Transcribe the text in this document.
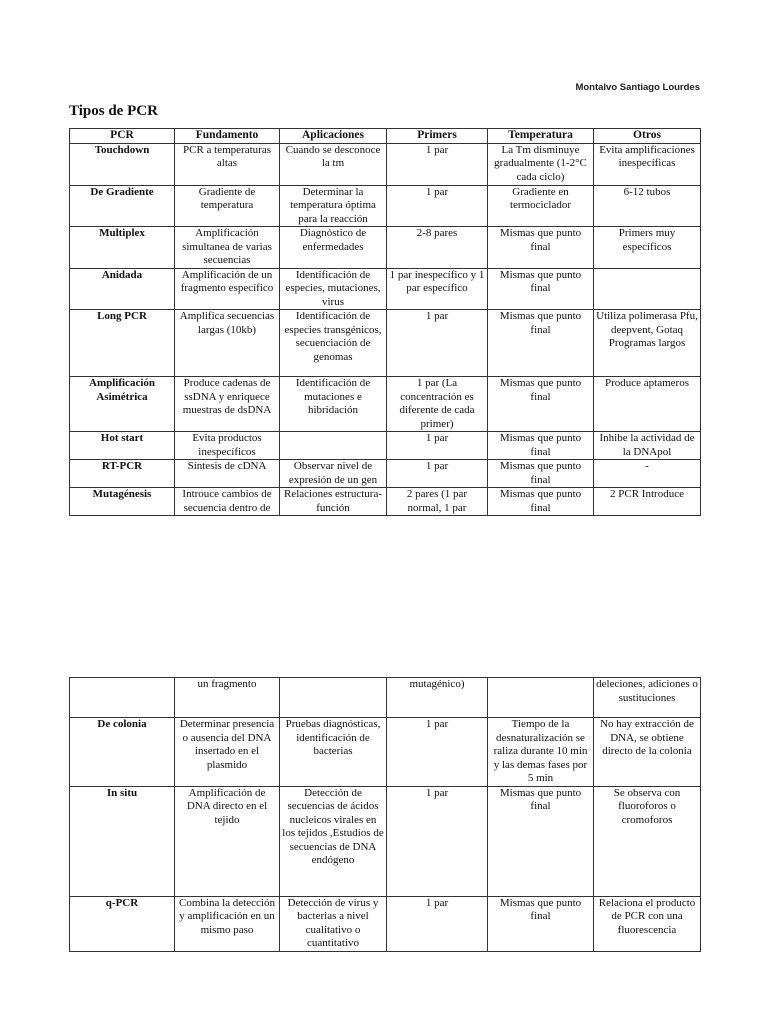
Montalvo Santiago Lourdes
Tipos de PCR
PCR	Fundamento	Aplicaciones	Primers	Temperatura	Otros
Touchdown	PCR a temperaturas altas	Cuando se desconoce la tm	1 par	La Tm disminuye gradualmente (1-2°C cada ciclo)	Evita amplificaciones inespecíficas
De Gradiente	Gradiente de temperatura	Determinar la temperatura óptima para la reacción	1 par	Gradiente en termociclador	6-12 tubos
Multiplex	Amplificación simultanea de varias secuencias	Diagnóstico de enfermedades	2-8 pares	Mismas que punto final	Primers muy específicos
Anidada	Amplificación de un fragmento específico	Identificación de especies, mutaciones, virus	1 par inespecífico y 1 par específico	Mismas que punto final	
Long PCR	Amplifica secuencias largas (10kb)	Identificación de especies transgénicos, secuenciación de genomas	1 par	Mismas que punto final	Utiliza polimerasa Pfu, deepvent, Gotaq Programas largos
Amplificación Asimétrica	Produce cadenas de ssDNA y enriquece muestras de dsDNA	Identificación de mutaciones e hibridación	1 par (La concentración es diferente de cada primer)	Mismas que punto final	Produce aptameros
Hot start	Evita productos inespecíficos		1 par	Mismas que punto final	Inhibe la actividad de la DNApol
RT-PCR	Síntesis de cDNA	Observar nivel de expresión de un gen	1 par	Mismas que punto final	-
Mutagénesis	Introuce cambios de secuencia dentro de	Relaciones estructura-función	2 pares (1 par normal, 1 par	Mismas que punto final	2 PCR Introduce
	un fragmento		mutagénico)		deleciones, adiciones o sustituciones
De colonia	Determinar presencia o ausencia del DNA insertado en el plasmido	Pruebas diagnósticas, identificación de bacterias	1 par	Tiempo de la desnaturalización se raliza durante 10 min y las demas fases por 5 min	No hay extracción de DNA, se obtiene directo de la colonia
In situ	Amplificación de DNA directo en el tejido	Detección de secuencias de ácidos nucleicos virales en los tejidos ,Estudios de secuencias de DNA endógeno	1 par	Mismas que punto final	Se observa con fluoroforos o cromoforos
q-PCR	Combina la detección y amplificación en un mismo paso	Detección de virus y bacterias a nivel cualitativo o cuantitativo	1 par	Mismas que punto final	Relaciona el producto de PCR con una fluorescencia
